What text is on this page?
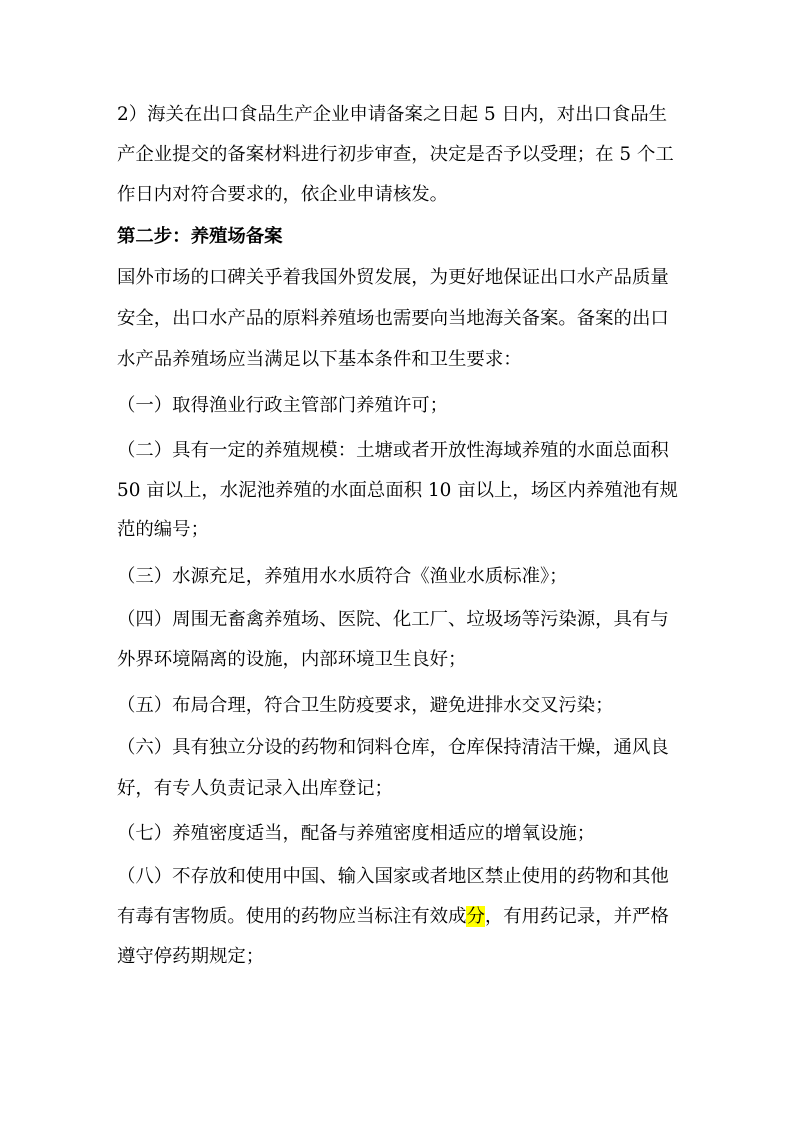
2）海关在出口食品生产企业申请备案之日起 5 日内，对出口食品生
产企业提交的备案材料进行初步审查，决定是否予以受理；在 5 个工
作日内对符合要求的，依企业申请核发。
第二步：养殖场备案
国外市场的口碑关乎着我国外贸发展，为更好地保证出口水产品质量
安全，出口水产品的原料养殖场也需要向当地海关备案。备案的出口
水产品养殖场应当满足以下基本条件和卫生要求：
（一）取得渔业行政主管部门养殖许可；
（二）具有一定的养殖规模：土塘或者开放性海域养殖的水面总面积
50 亩以上，水泥池养殖的水面总面积 10 亩以上，场区内养殖池有规
范的编号；
（三）水源充足，养殖用水水质符合《渔业水质标准》；
（四）周围无畜禽养殖场、医院、化工厂、垃圾场等污染源，具有与
外界环境隔离的设施，内部环境卫生良好；
（五）布局合理，符合卫生防疫要求，避免进排水交叉污染；
（六）具有独立分设的药物和饲料仓库，仓库保持清洁干燥，通风良
好，有专人负责记录入出库登记；
（七）养殖密度适当，配备与养殖密度相适应的增氧设施；
（八）不存放和使用中国、输入国家或者地区禁止使用的药物和其他
有毒有害物质。使用的药物应当标注有效成分，有用药记录，并严格
遵守停药期规定；
